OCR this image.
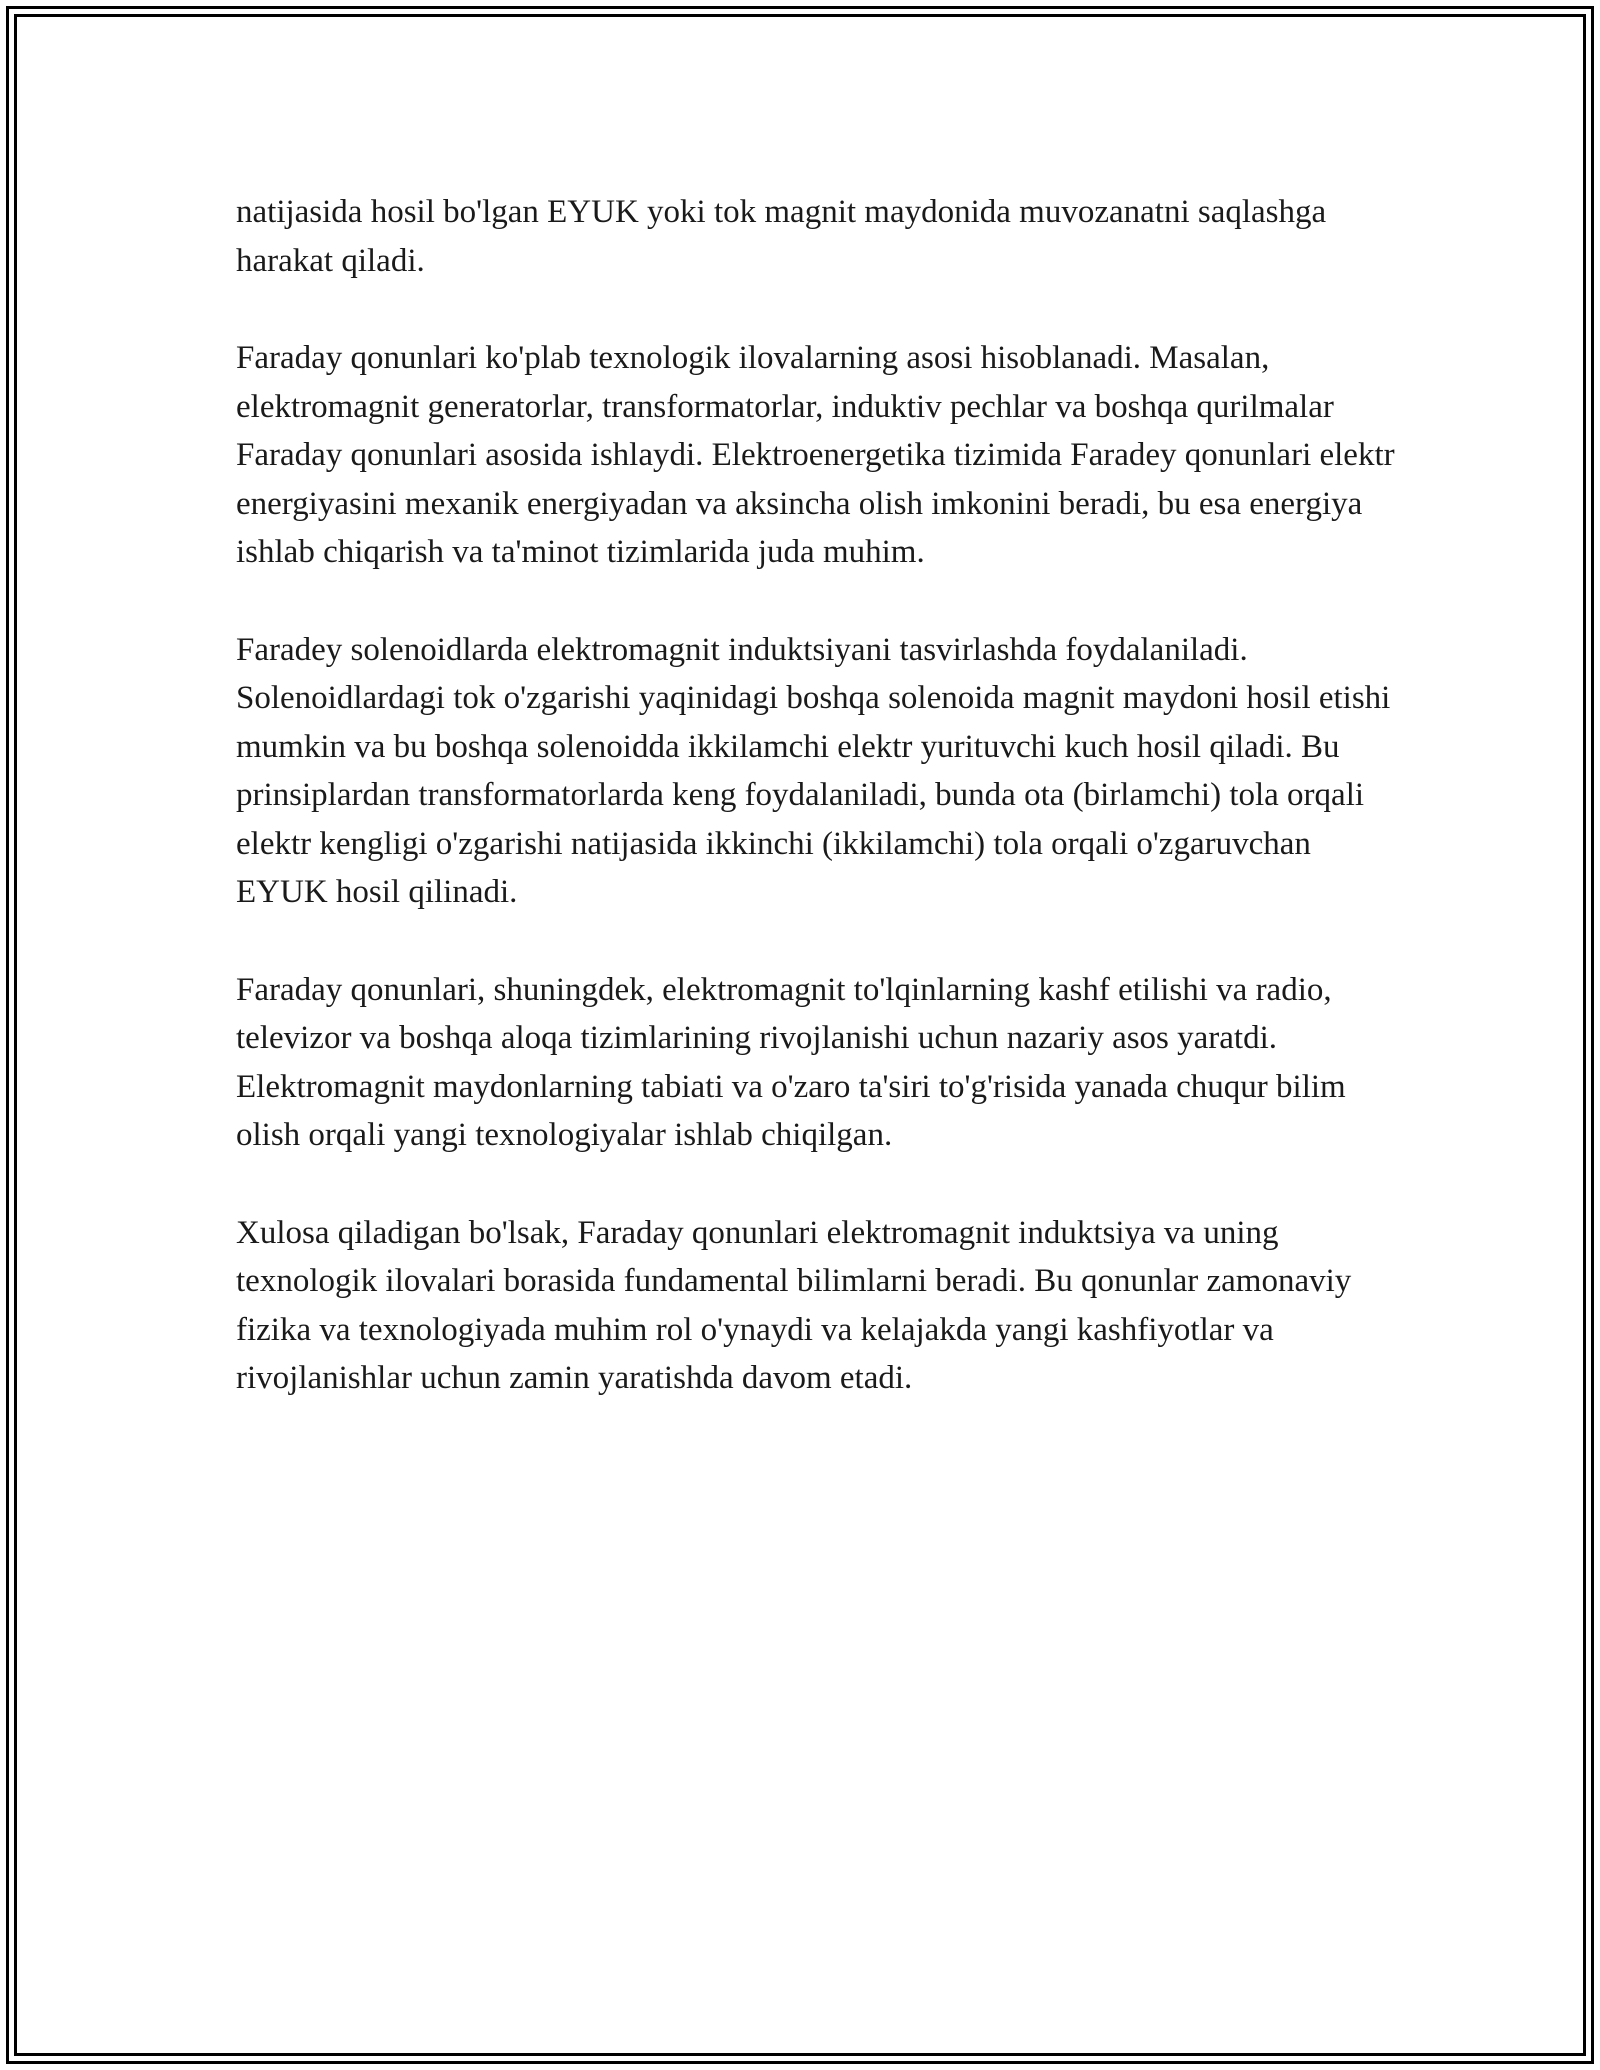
natijasida hosil bo'lgan EYUK yoki tok magnit maydonida muvozanatni saqlashga harakat qiladi.

Faraday qonunlari ko'plab texnologik ilovalarning asosi hisoblanadi. Masalan, elektromagnit generatorlar, transformatorlar, induktiv pechlar va boshqa qurilmalar Faraday qonunlari asosida ishlaydi. Elektroenergetika tizimida Faradey qonunlari elektr energiyasini mexanik energiyadan va aksincha olish imkonini beradi, bu esa energiya ishlab chiqarish va ta'minot tizimlarida juda muhim.

Faradey solenoidlarda elektromagnit induktsiyani tasvirlashda foydalaniladi. Solenoidlardagi tok o'zgarishi yaqinidagi boshqa solenoida magnit maydoni hosil etishi mumkin va bu boshqa solenoidda ikkilamchi elektr yurituvchi kuch hosil qiladi. Bu prinsiplardan transformatorlarda keng foydalaniladi, bunda ota (birlamchi) tola orqali elektr kengligi o'zgarishi natijasida ikkinchi (ikkilamchi) tola orqali o'zgaruvchan EYUK hosil qilinadi.

Faraday qonunlari, shuningdek, elektromagnit to'lqinlarning kashf etilishi va radio, televizor va boshqa aloqa tizimlarining rivojlanishi uchun nazariy asos yaratdi. Elektromagnit maydonlarning tabiati va o'zaro ta'siri to'g'risida yanada chuqur bilim olish orqali yangi texnologiyalar ishlab chiqilgan.

Xulosa qiladigan bo'lsak, Faraday qonunlari elektromagnit induktsiya va uning texnologik ilovalari borasida fundamental bilimlarni beradi. Bu qonunlar zamonaviy fizika va texnologiyada muhim rol o'ynaydi va kelajakda yangi kashfiyotlar va rivojlanishlar uchun zamin yaratishda davom etadi.
